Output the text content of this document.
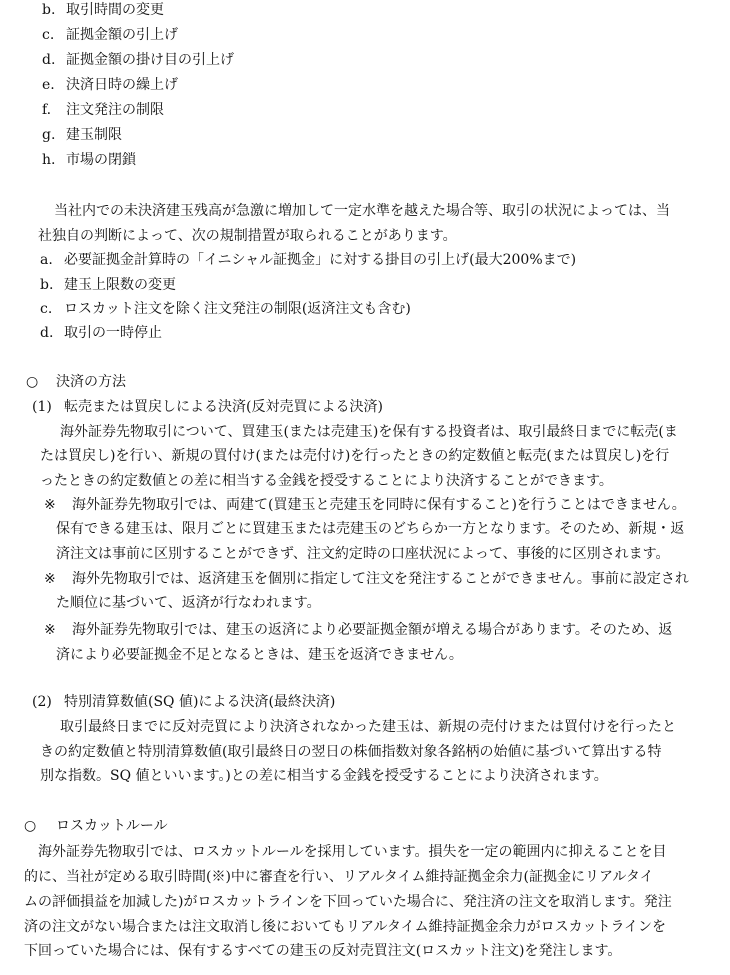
b. 取引時間の変更
c. 証拠金額の引上げ
d. 証拠金額の掛け目の引上げ
e. 決済日時の繰上げ
f. 注文発注の制限
g. 建玉制限
h. 市場の閉鎖
当社内での未決済建玉残高が急激に増加して一定水準を越えた場合等、取引の状況によっては、当
社独自の判断によって、次の規制措置が取られることがあります。
a. 必要証拠金計算時の「イニシャル証拠金」に対する掛目の引上げ(最大200%まで)
b. 建玉上限数の変更
c. ロスカット注文を除く注文発注の制限(返済注文も含む)
d. 取引の一時停止
○ 決済の方法
(1) 転売または買戻しによる決済(反対売買による決済)
海外証券先物取引について、買建玉(または売建玉)を保有する投資者は、取引最終日までに転売(ま
たは買戻し)を行い、新規の買付け(または売付け)を行ったときの約定数値と転売(または買戻し)を行
ったときの約定数値との差に相当する金銭を授受することにより決済することができます。
※ 海外証券先物取引では、両建て(買建玉と売建玉を同時に保有すること)を行うことはできません。
保有できる建玉は、限月ごとに買建玉または売建玉のどちらか一方となります。そのため、新規・返
済注文は事前に区別することができず、注文約定時の口座状況によって、事後的に区別されます。
※ 海外先物取引では、返済建玉を個別に指定して注文を発注することができません。事前に設定され
た順位に基づいて、返済が行なわれます。
※ 海外証券先物取引では、建玉の返済により必要証拠金額が増える場合があります。そのため、返
済により必要証拠金不足となるときは、建玉を返済できません。
(2) 特別清算数値(SQ 値)による決済(最終決済)
取引最終日までに反対売買により決済されなかった建玉は、新規の売付けまたは買付けを行ったと
きの約定数値と特別清算数値(取引最終日の翌日の株価指数対象各銘柄の始値に基づいて算出する特
別な指数。SQ 値といいます。)との差に相当する金銭を授受することにより決済されます。
○ ロスカットルール
海外証券先物取引では、ロスカットルールを採用しています。損失を一定の範囲内に抑えることを目
的に、当社が定める取引時間(※)中に審査を行い、リアルタイム維持証拠金余力(証拠金にリアルタイ
ムの評価損益を加減した)がロスカットラインを下回っていた場合に、発注済の注文を取消します。発注
済の注文がない場合または注文取消し後においてもリアルタイム維持証拠金余力がロスカットラインを
下回っていた場合には、保有するすべての建玉の反対売買注文(ロスカット注文)を発注します。
